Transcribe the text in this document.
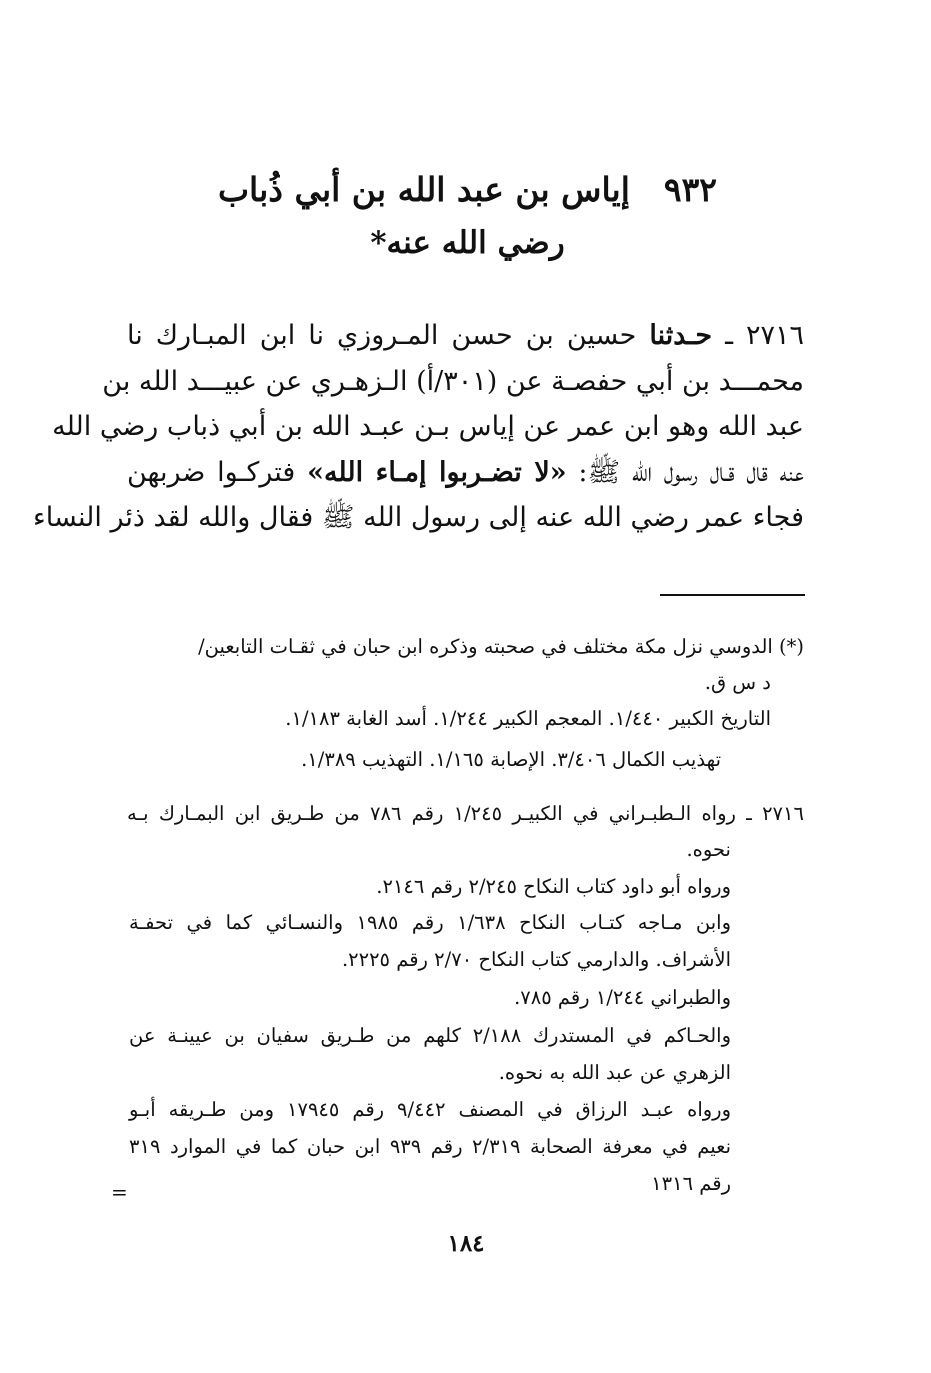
٩٣٢إياس بن عبد الله بن أبي ذُباب
رضي الله عنه*
٢٧١٦ ـ حـدثنا حسين بن حسن المـروزي نا ابن المبـارك نا
محمـــد بن أبي حفصـة عن (٣٠١/أ) الـزهـري عن عبيـــد الله بن
عبد الله وهو ابن عمر عن إياس بـن عبـد الله بن أبي ذباب رضي الله
عنه قال قـال رسول الله ﷺ: «لا تضـربوا إمـاء الله» فتركـوا ضربهن
فجاء عمر رضي الله عنه إلى رسول الله ﷺ فقال والله لقد ذئر النساء
(*) الدوسي نزل مكة مختلف في صحبته وذكره ابن حبان في ثقـات التابعين/
د س ق.
التاريخ الكبير ١/٤٤٠. المعجم الكبير ١/٢٤٤. أسد الغابة ١/١٨٣.
تهذيب الكمال ٣/٤٠٦. الإصابة ١/١٦٥. التهذيب ١/٣٨٩.
٢٧١٦ ـ رواه الـطبـراني في الكبيـر ١/٢٤٥ رقم ٧٨٦ من طـريق ابن البمـارك بـه
نحوه.
ورواه أبو داود كتاب النكاح ٢/٢٤٥ رقم ٢١٤٦.
وابن مـاجه كتـاب النكاح ١/٦٣٨ رقم ١٩٨٥ والنسـائي كما في تحفـة
الأشراف. والدارمي كتاب النكاح ٢/٧٠ رقم ٢٢٢٥.
والطبراني ١/٢٤٤ رقم ٧٨٥.
والحـاكم في المستدرك ٢/١٨٨ كلهم من طـريق سفيان بن عيينـة عن
الزهري عن عبد الله به نحوه.
ورواه عبـد الرزاق في المصنف ٩/٤٤٢ رقم ١٧٩٤٥ ومن طـريقه أبـو
نعيم في معرفة الصحابة ٢/٣١٩ رقم ٩٣٩ ابن حبان كما في الموارد ٣١٩
رقم ١٣١٦
=
١٨٤
